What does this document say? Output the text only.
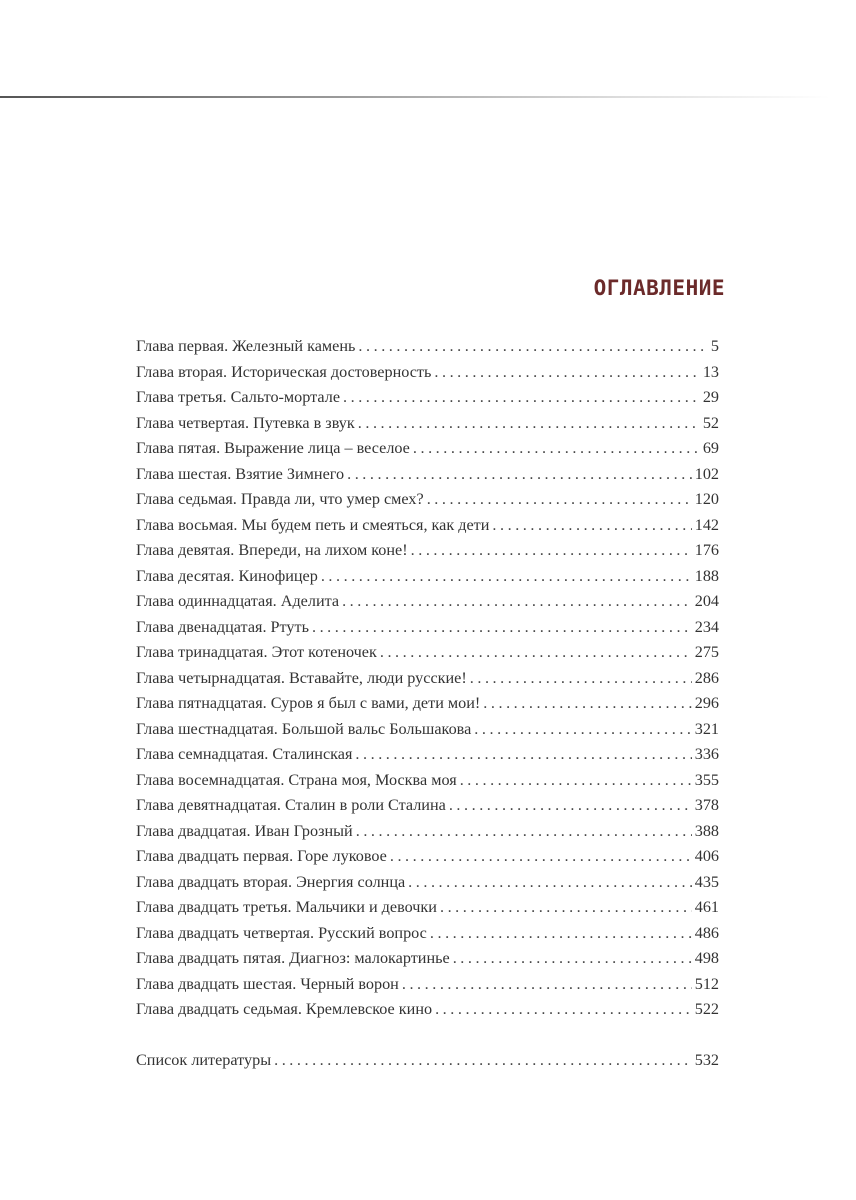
ОГЛАВЛЕНИЕ
Глава первая. Железный камень . . .	5
Глава вторая. Историческая достоверность . . .	13
Глава третья. Сальто-мортале . . .	29
Глава четвертая. Путевка в звук . . .	52
Глава пятая. Выражение лица – веселое . . .	69
Глава шестая. Взятие Зимнего . . .	102
Глава седьмая. Правда ли, что умер смех? . . .	120
Глава восьмая. Мы будем петь и смеяться, как дети . . .	142
Глава девятая. Впереди, на лихом коне! . . .	176
Глава десятая. Кинофицер . . .	188
Глава одиннадцатая. Аделита . . .	204
Глава двенадцатая. Ртуть . . .	234
Глава тринадцатая. Этот котеночек . . .	275
Глава четырнадцатая. Вставайте, люди русские! . . .	286
Глава пятнадцатая. Суров я был с вами, дети мои! . . .	296
Глава шестнадцатая. Большой вальс Большакова . . .	321
Глава семнадцатая. Сталинская . . .	336
Глава восемнадцатая. Страна моя, Москва моя . . .	355
Глава девятнадцатая. Сталин в роли Сталина . . .	378
Глава двадцатая. Иван Грозный . . .	388
Глава двадцать первая. Горе луковое . . .	406
Глава двадцать вторая. Энергия солнца . . .	435
Глава двадцать третья. Мальчики и девочки . . .	461
Глава двадцать четвертая. Русский вопрос . . .	486
Глава двадцать пятая. Диагноз: малокартинье . . .	498
Глава двадцать шестая. Черный ворон . . .	512
Глава двадцать седьмая. Кремлевское кино . . .	522
Список литературы . . .	532
